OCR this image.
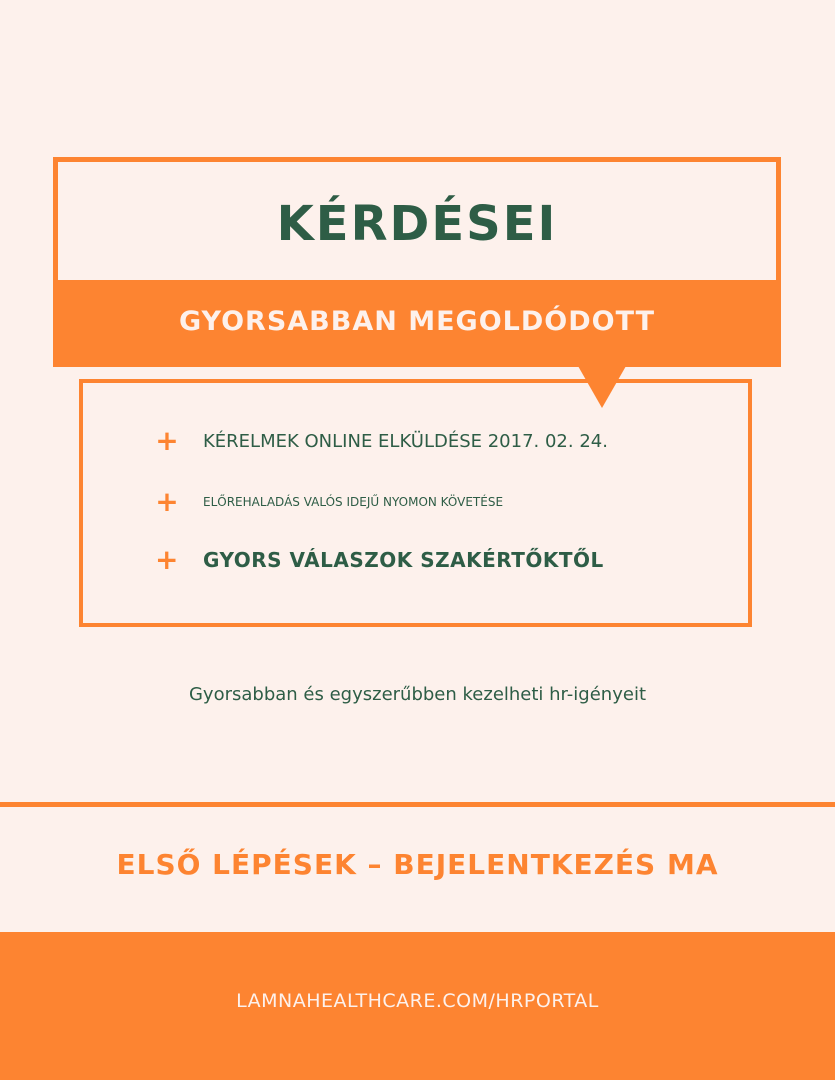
KÉRDÉSEI
GYORSABBAN MEGOLDÓDOTT
+ KÉRELMEK ONLINE ELKÜLDÉSE 2017. 02. 24.
+ ELŐREHALADÁS VALÓS IDEJŰ NYOMON KÖVETÉSE
+ GYORS VÁLASZOK SZAKÉRTŐKTŐL
Gyorsabban és egyszerűbben kezelheti hr-igényeit
ELSŐ LÉPÉSEK – BEJELENTKEZÉS MA
LAMNAHEALTHCARE.COM/HRPORTAL
